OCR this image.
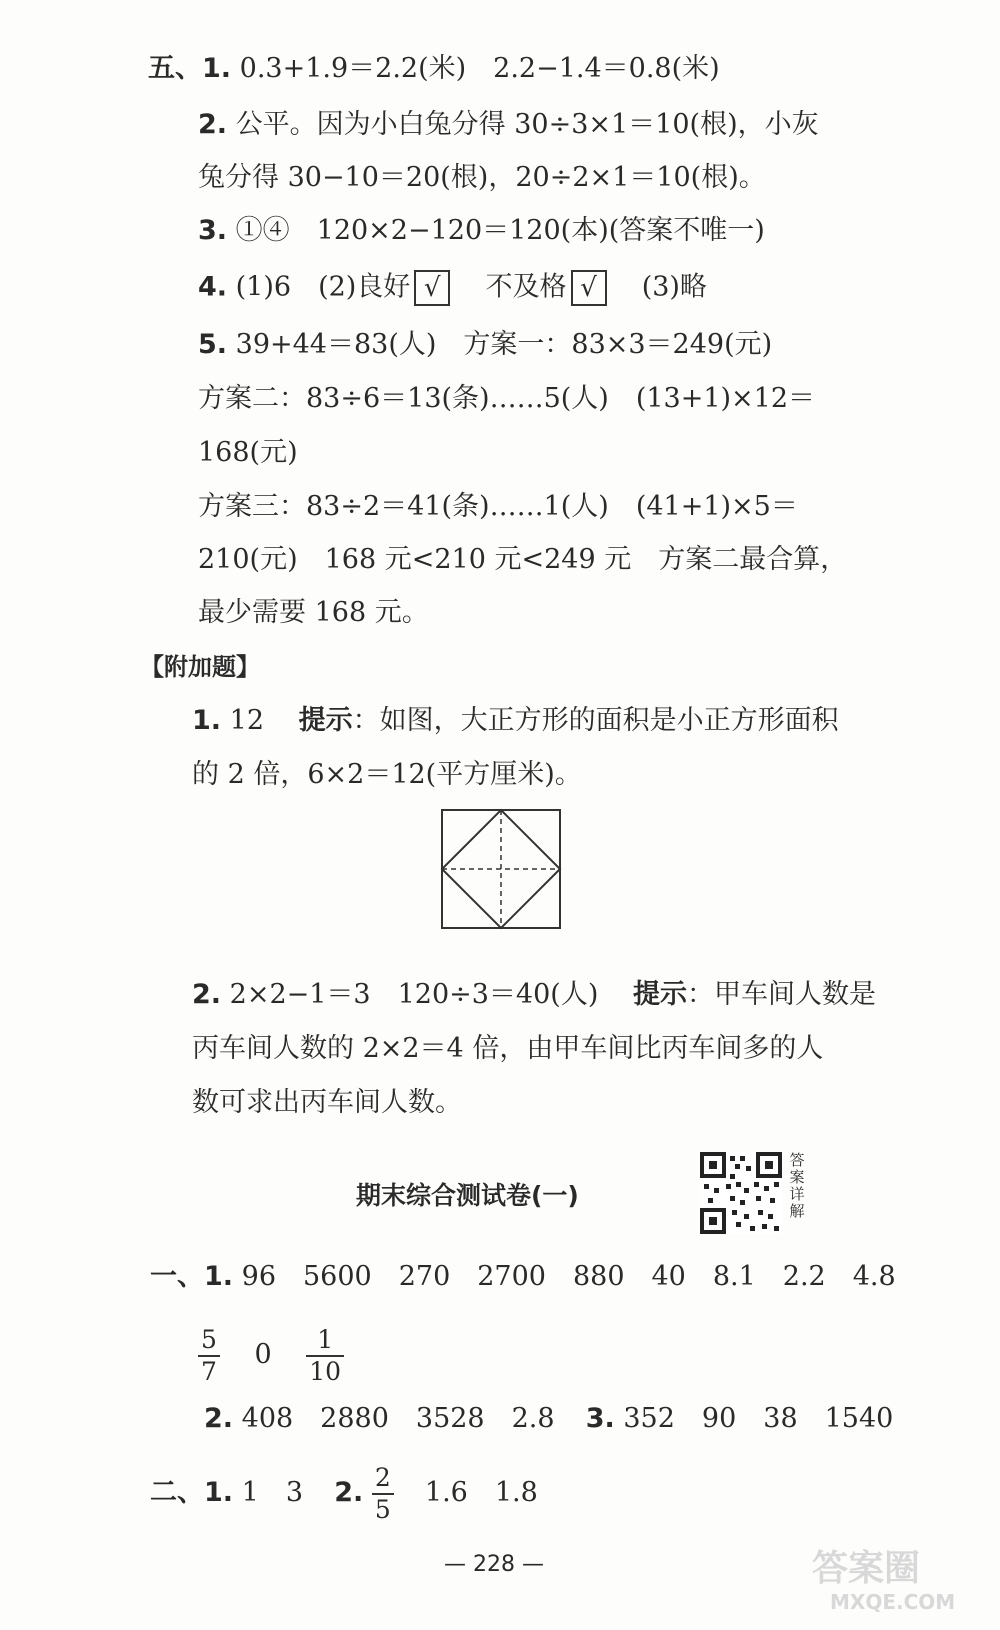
五、1. 0.3+1.9＝2.2(米)　2.2−1.4＝0.8(米)
2. 公平。因为小白兔分得 30÷3×1＝10(根)，小灰
兔分得 30−10＝20(根)，20÷2×1＝10(根)。
3. ①④　120×2−120＝120(本)(答案不唯一)
4. (1)6　(2)良好 √ 不及格 √ (3)略
5. 39+44＝83(人)　方案一：83×3＝249(元)
方案二：83÷6＝13(条)……5(人)　(13+1)×12＝
168(元)
方案三：83÷2＝41(条)……1(人)　(41+1)×5＝
210(元)　168 元<210 元<249 元　方案二最合算，
最少需要 168 元。
【附加题】
1. 12 提示：如图，大正方形的面积是小正方形面积
的 2 倍，6×2＝12(平方厘米)。
2. 2×2−1＝3　120÷3＝40(人) 提示：甲车间人数是
丙车间人数的 2×2＝4 倍，由甲车间比丙车间多的人
数可求出丙车间人数。
期末综合测试卷(一)
答
案
详
解
一、1. 96　5600　270　2700　880　40　8.1　2.2　4.8
$\frac{5}{7} 0 \frac{1}{10}$
2. 408　2880　3528　2.8 3. 352　90　38　1540
二、1. 1　3 2. $\frac{2}{5} 1.6$　1.8
— 228 —	答案圈
MXQE.COM
